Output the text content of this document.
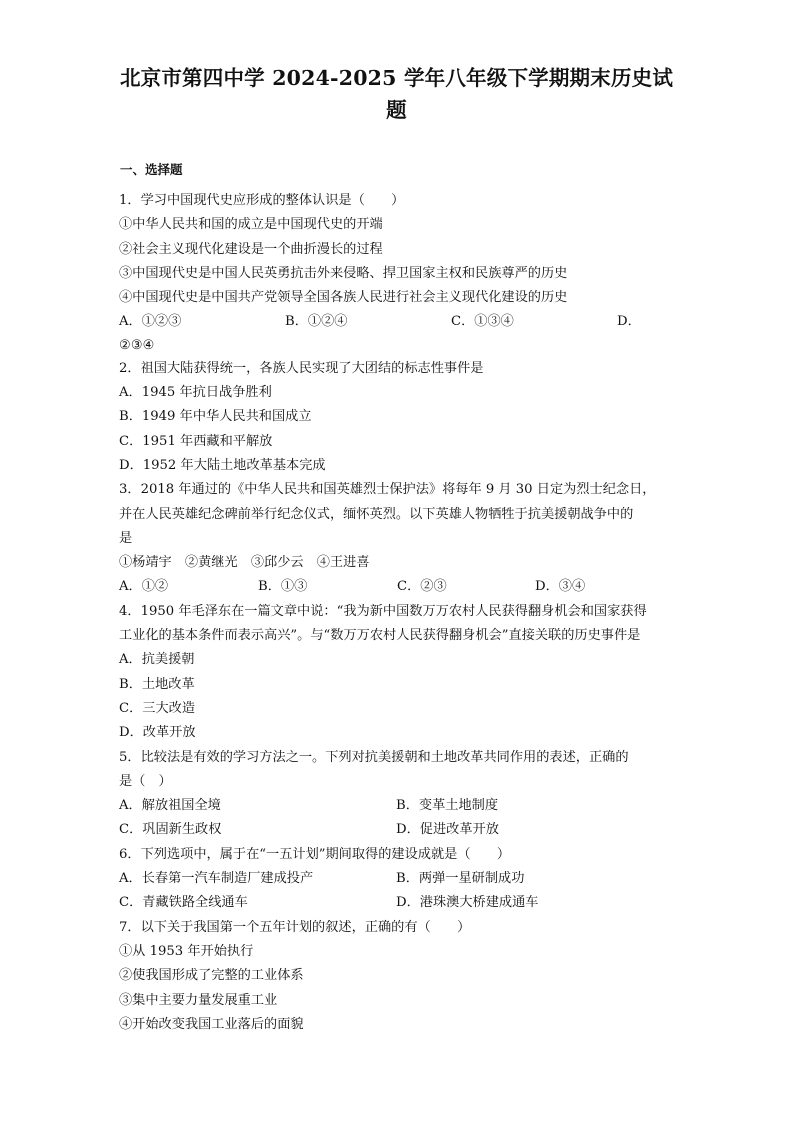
北京市第四中学 2024-2025 学年八年级下学期期末历史试
题
一、选择题
1．学习中国现代史应形成的整体认识是（　　）
①中华人民共和国的成立是中国现代史的开端
②社会主义现代化建设是一个曲折漫长的过程
③中国现代史是中国人民英勇抗击外来侵略、捍卫国家主权和民族尊严的历史
④中国现代史是中国共产党领导全国各族人民进行社会主义现代化建设的历史
A．①②③	B．①②④	C．①③④	D．
②③④
2．祖国大陆获得统一，各族人民实现了大团结的标志性事件是
A．1945 年抗日战争胜利
B．1949 年中华人民共和国成立
C．1951 年西藏和平解放
D．1952 年大陆土地改革基本完成
3．2018 年通过的《中华人民共和国英雄烈士保护法》将每年 9 月 30 日定为烈士纪念日，
并在人民英雄纪念碑前举行纪念仪式，缅怀英烈。以下英雄人物牺牲于抗美援朝战争中的
是
①杨靖宇　②黄继光　③邱少云　④王进喜
A．①②	B．①③	C．②③	D．③④
4．1950 年毛泽东在一篇文章中说：“我为新中国数万万农村人民获得翻身机会和国家获得
工业化的基本条件而表示高兴”。与“数万万农村人民获得翻身机会”直接关联的历史事件是
A．抗美援朝
B．土地改革
C．三大改造
D．改革开放
5．比较法是有效的学习方法之一。下列对抗美援朝和土地改革共同作用的表述，正确的
是（　）
A．解放祖国全境	B．变革土地制度
C．巩固新生政权	D．促进改革开放
6．下列选项中，属于在“一五计划”期间取得的建设成就是（　　）
A．长春第一汽车制造厂建成投产	B．两弹一星研制成功
C．青藏铁路全线通车	D．港珠澳大桥建成通车
7．以下关于我国第一个五年计划的叙述，正确的有（　　）
①从 1953 年开始执行
②使我国形成了完整的工业体系
③集中主要力量发展重工业
④开始改变我国工业落后的面貌
